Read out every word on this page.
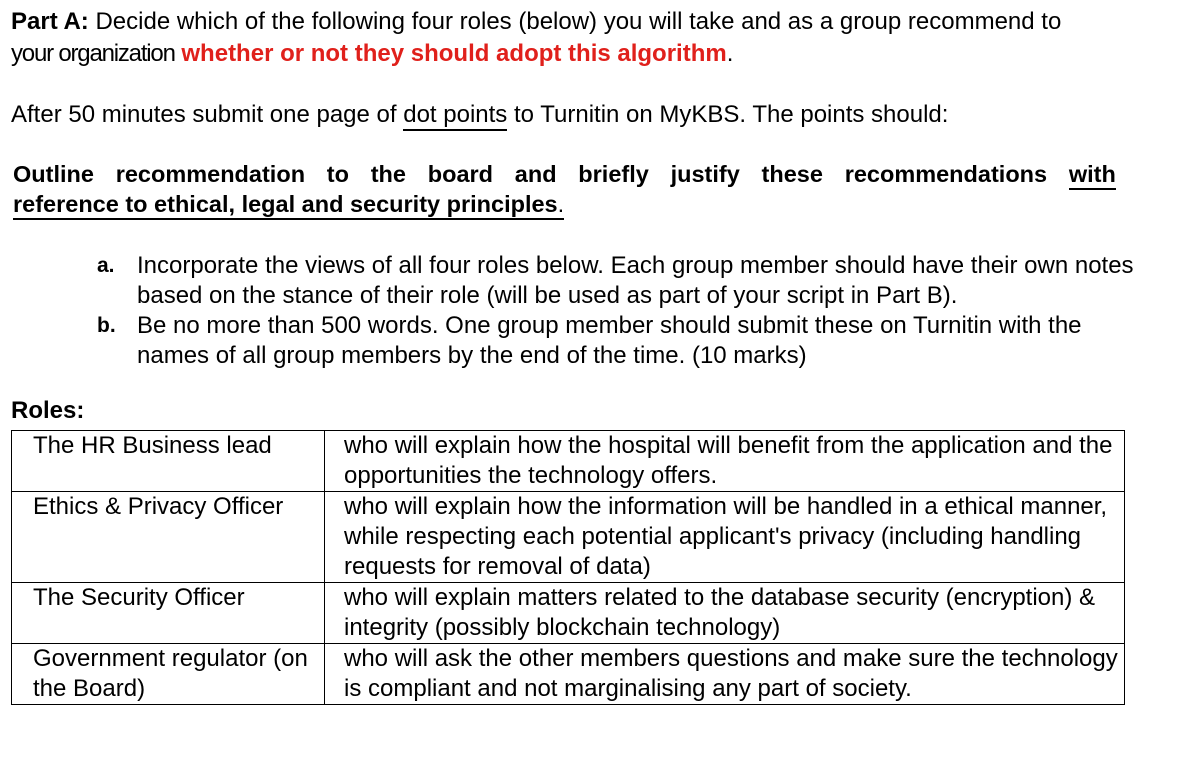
Part A: Decide which of the following four roles (below) you will take and as a group recommend to
your organization whether or not they should adopt this algorithm.
After 50 minutes submit one page of dot points to Turnitin on MyKBS. The points should:
Outline recommendation to the board and briefly justify these recommendations with
reference to ethical, legal and security principles.
a. Incorporate the views of all four roles below. Each group member should have their own notes based on the stance of their role (will be used as part of your script in Part B).
b. Be no more than 500 words. One group member should submit these on Turnitin with the names of all group members by the end of the time. (10 marks)
Roles:
The HR Business lead	who will explain how the hospital will benefit from the application and the opportunities the technology offers.
Ethics & Privacy Officer	who will explain how the information will be handled in a ethical manner, while respecting each potential applicant's privacy (including handling requests for removal of data)
The Security Officer	who will explain matters related to the database security (encryption) & integrity (possibly blockchain technology)
Government regulator (on the Board)	who will ask the other members questions and make sure the technology is compliant and not marginalising any part of society.
